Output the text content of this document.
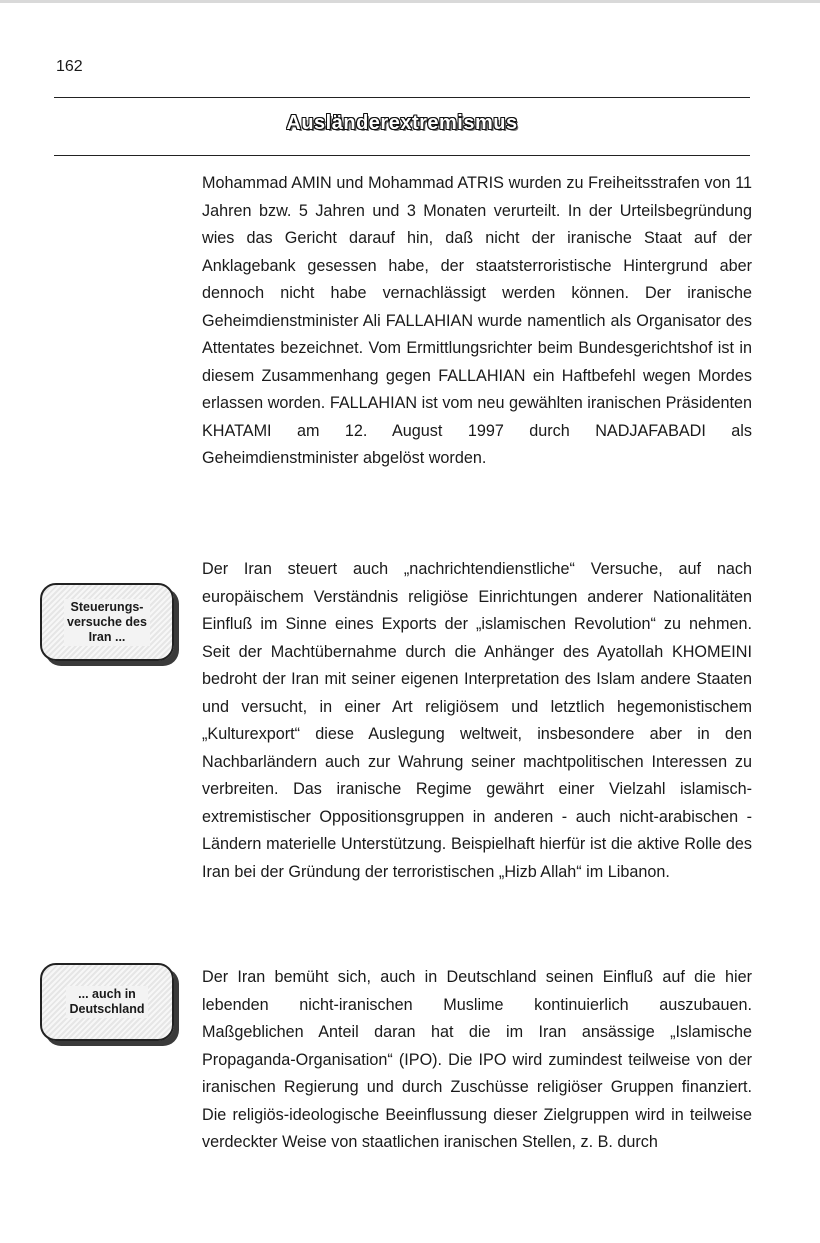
162
Ausländerextremismus

Mohammad AMIN und Mohammad ATRIS wurden zu Freiheitsstrafen von 11 Jahren bzw. 5 Jahren und 3 Monaten verurteilt. In der Urteilsbegründung wies das Gericht darauf hin, daß nicht der iranische Staat auf der Anklagebank gesessen habe, der staatsterroristische Hintergrund aber dennoch nicht habe vernachlässigt werden können. Der iranische Geheimdienstminister Ali FALLAHIAN wurde namentlich als Organisator des Attentates bezeichnet. Vom Ermittlungsrichter beim Bundesgerichtshof ist in diesem Zusammenhang gegen FALLAHIAN ein Haftbefehl wegen Mordes erlassen worden. FALLAHIAN ist vom neu gewählten iranischen Präsidenten KHATAMI am 12. August 1997 durch NADJAFABADI als Geheimdienstminister abgelöst worden.

Steuerungs-
versuche des
Iran ...

Der Iran steuert auch „nachrichtendienstliche“ Versuche, auf nach europäischem Verständnis religiöse Einrichtungen anderer Nationalitäten Einfluß im Sinne eines Exports der „islamischen Revolution“ zu nehmen. Seit der Machtübernahme durch die Anhänger des Ayatollah KHOMEINI bedroht der Iran mit seiner eigenen Interpretation des Islam andere Staaten und versucht, in einer Art religiösem und letztlich hegemonistischem „Kulturexport“ diese Auslegung weltweit, insbesondere aber in den Nachbarländern auch zur Wahrung seiner machtpolitischen Interessen zu verbreiten. Das iranische Regime gewährt einer Vielzahl islamisch-extremistischer Oppositionsgruppen in anderen - auch nicht-arabischen - Ländern materielle Unterstützung. Beispielhaft hierfür ist die aktive Rolle des Iran bei der Gründung der terroristischen „Hizb Allah“ im Libanon.

... auch in
Deutschland

Der Iran bemüht sich, auch in Deutschland seinen Einfluß auf die hier lebenden nicht-iranischen Muslime kontinuierlich auszubauen. Maßgeblichen Anteil daran hat die im Iran ansässige „Islamische Propaganda-Organisation“ (IPO). Die IPO wird zumindest teilweise von der iranischen Regierung und durch Zuschüsse religiöser Gruppen finanziert. Die religiös-ideologische Beeinflussung dieser Zielgruppen wird in teilweise verdeckter Weise von staatlichen iranischen Stellen, z. B. durch
